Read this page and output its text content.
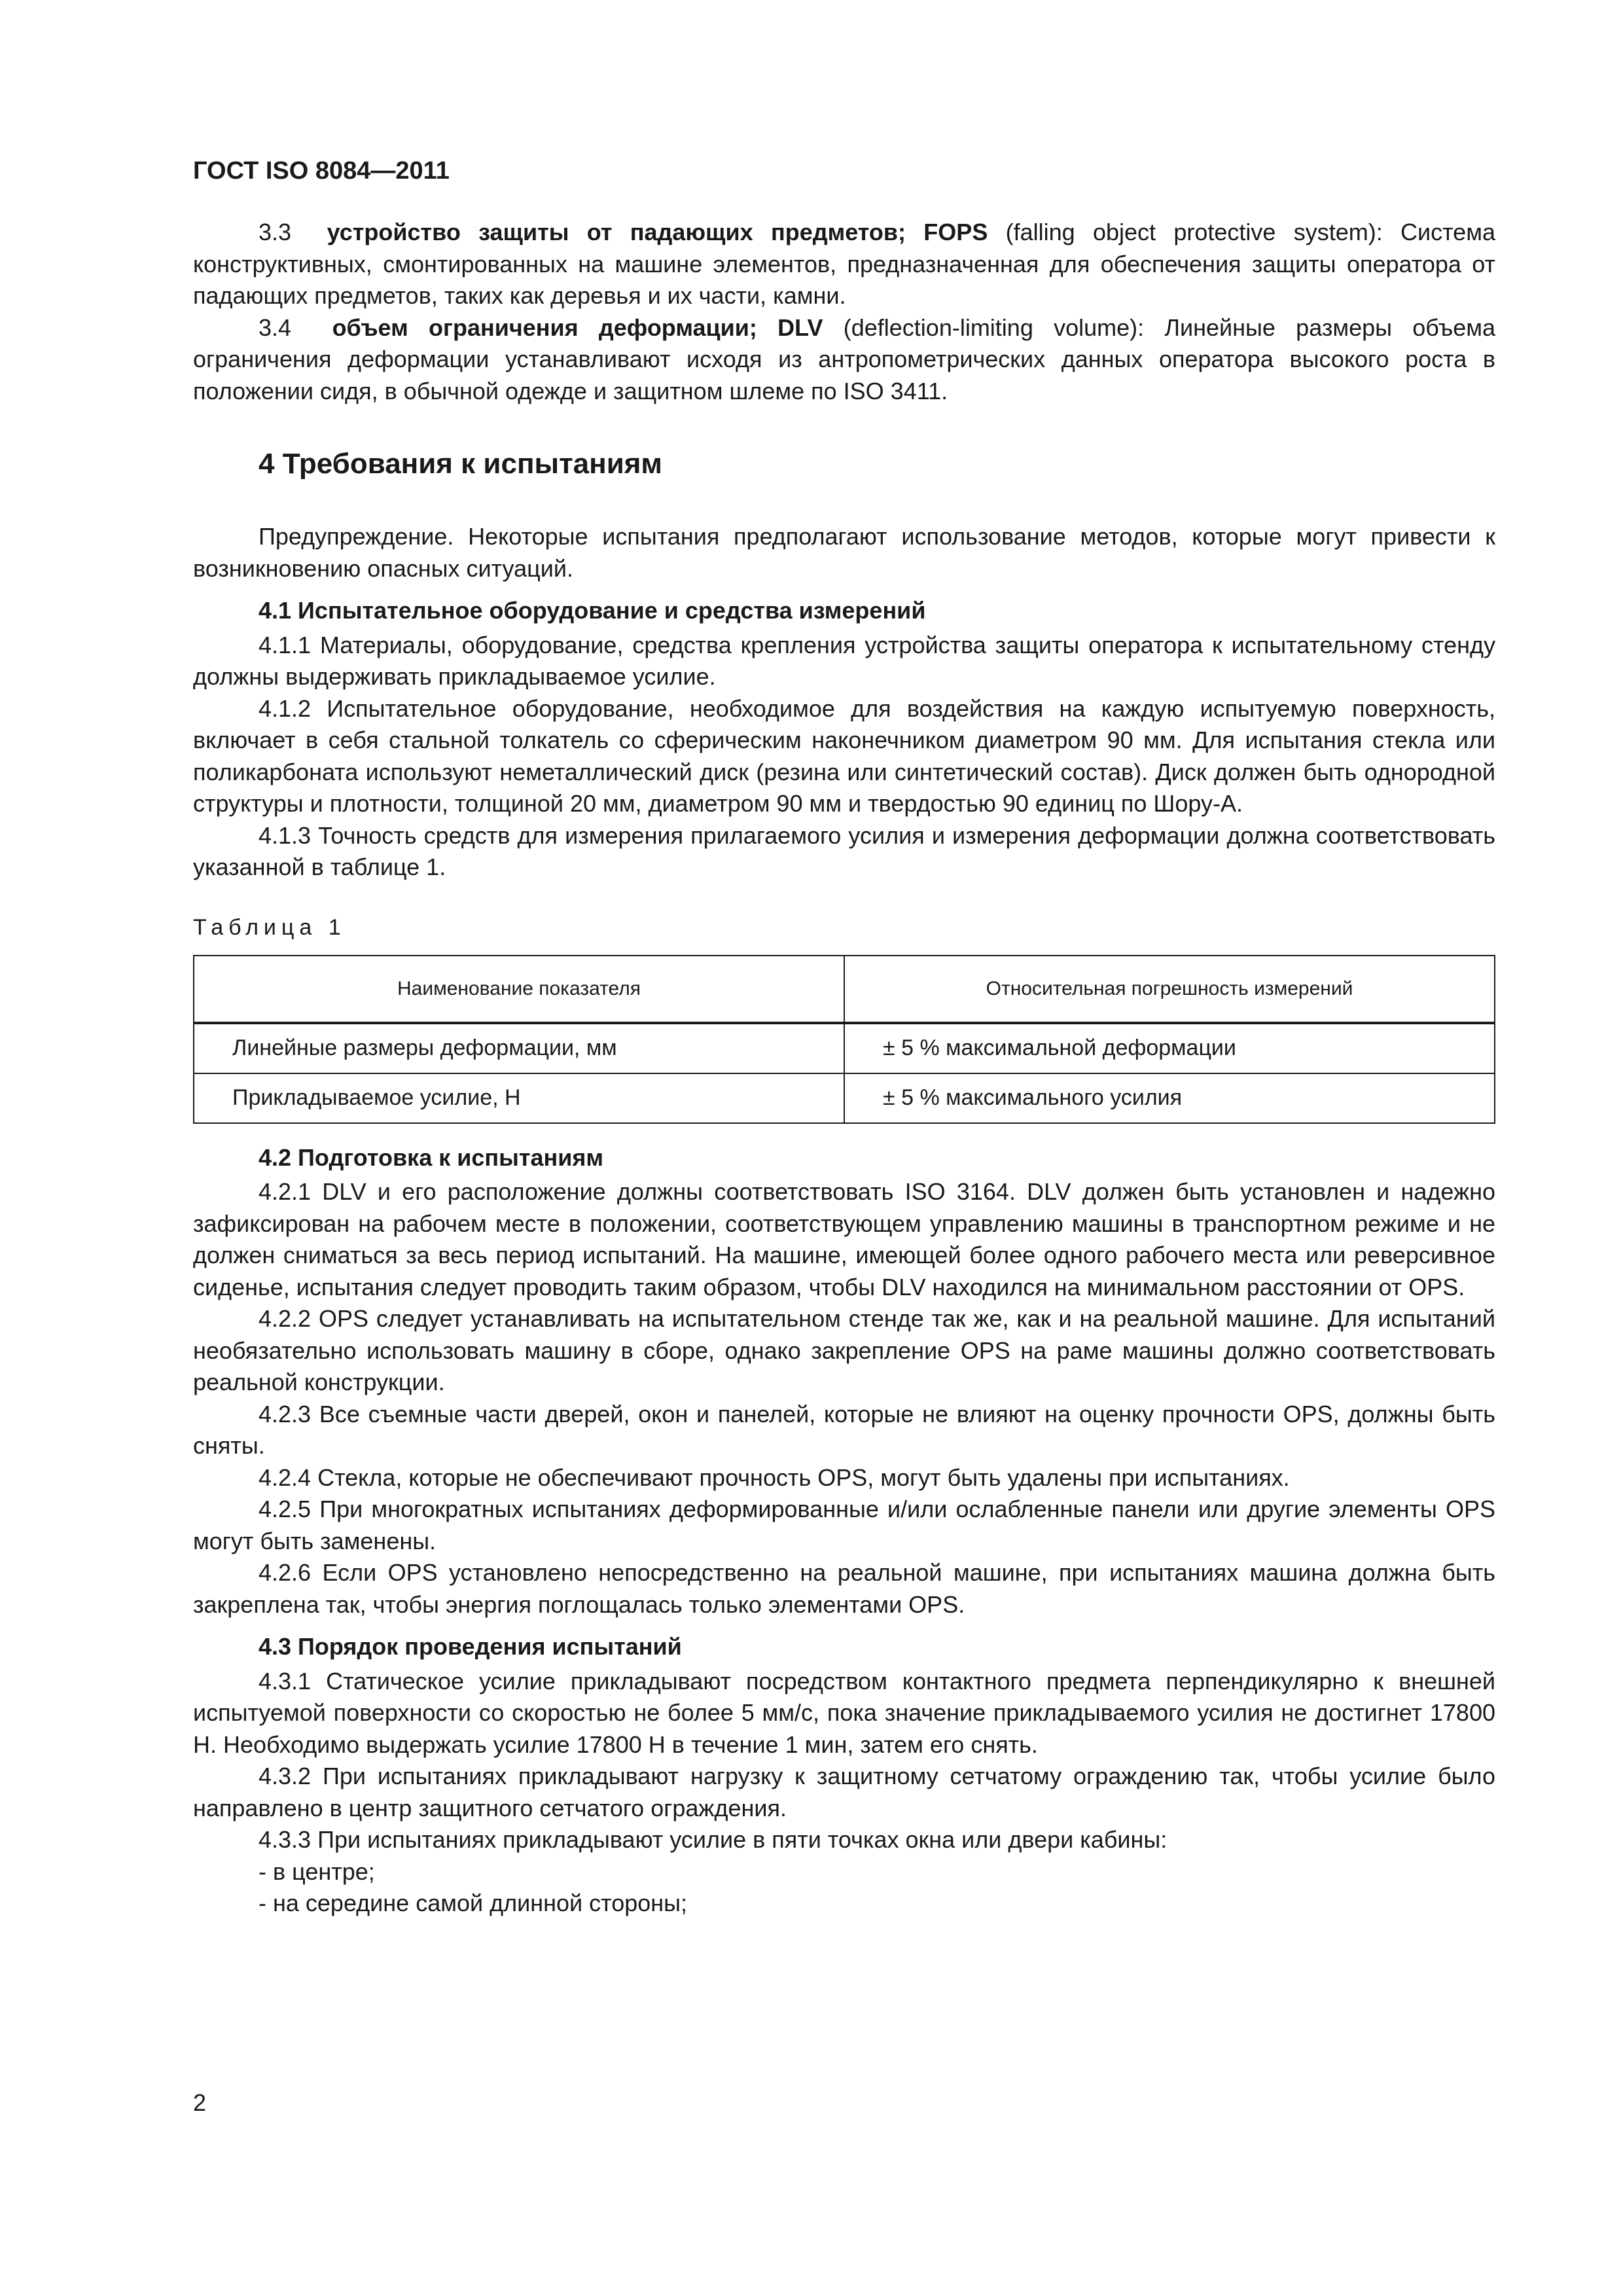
ГОСТ ISO 8084—2011

3.3 устройство защиты от падающих предметов; FOPS (falling object protective system): Система конструктивных, смонтированных на машине элементов, предназначенная для обеспечения защиты оператора от падающих предметов, таких как деревья и их части, камни.

3.4 объем ограничения деформации; DLV (deflection-limiting volume): Линейные размеры объема ограничения деформации устанавливают исходя из антропометрических данных оператора высокого роста в положении сидя, в обычной одежде и защитном шлеме по ISO 3411.

4 Требования к испытаниям

Предупреждение. Некоторые испытания предполагают использование методов, которые могут привести к возникновению опасных ситуаций.

4.1 Испытательное оборудование и средства измерений

4.1.1 Материалы, оборудование, средства крепления устройства защиты оператора к испытательному стенду должны выдерживать прикладываемое усилие.

4.1.2 Испытательное оборудование, необходимое для воздействия на каждую испытуемую поверхность, включает в себя стальной толкатель со сферическим наконечником диаметром 90 мм. Для испытания стекла или поликарбоната используют неметаллический диск (резина или синтетический состав). Диск должен быть однородной структуры и плотности, толщиной 20 мм, диаметром 90 мм и твердостью 90 единиц по Шору-А.

4.1.3 Точность средств для измерения прилагаемого усилия и измерения деформации должна соответствовать указанной в таблице 1.

Таблица 1
Наименование показателя	Относительная погрешность измерений
Линейные размеры деформации, мм	± 5 % максимальной деформации
Прикладываемое усилие, Н	± 5 % максимального усилия
4.2 Подготовка к испытаниям

4.2.1 DLV и его расположение должны соответствовать ISO 3164. DLV должен быть установлен и надежно зафиксирован на рабочем месте в положении, соответствующем управлению машины в транспортном режиме и не должен сниматься за весь период испытаний. На машине, имеющей более одного рабочего места или реверсивное сиденье, испытания следует проводить таким образом, чтобы DLV находился на минимальном расстоянии от OPS.

4.2.2 OPS следует устанавливать на испытательном стенде так же, как и на реальной машине. Для испытаний необязательно использовать машину в сборе, однако закрепление OPS на раме машины должно соответствовать реальной конструкции.

4.2.3 Все съемные части дверей, окон и панелей, которые не влияют на оценку прочности OPS, должны быть сняты.

4.2.4 Стекла, которые не обеспечивают прочность OPS, могут быть удалены при испытаниях.

4.2.5 При многократных испытаниях деформированные и/или ослабленные панели или другие элементы OPS могут быть заменены.

4.2.6 Если OPS установлено непосредственно на реальной машине, при испытаниях машина должна быть закреплена так, чтобы энергия поглощалась только элементами OPS.

4.3 Порядок проведения испытаний

4.3.1 Статическое усилие прикладывают посредством контактного предмета перпендикулярно к внешней испытуемой поверхности со скоростью не более 5 мм/с, пока значение прикладываемого усилия не достигнет 17800 Н. Необходимо выдержать усилие 17800 Н в течение 1 мин, затем его снять.

4.3.2 При испытаниях прикладывают нагрузку к защитному сетчатому ограждению так, чтобы усилие было направлено в центр защитного сетчатого ограждения.

4.3.3 При испытаниях прикладывают усилие в пяти точках окна или двери кабины:

- в центре;
- на середине самой длинной стороны;
2
